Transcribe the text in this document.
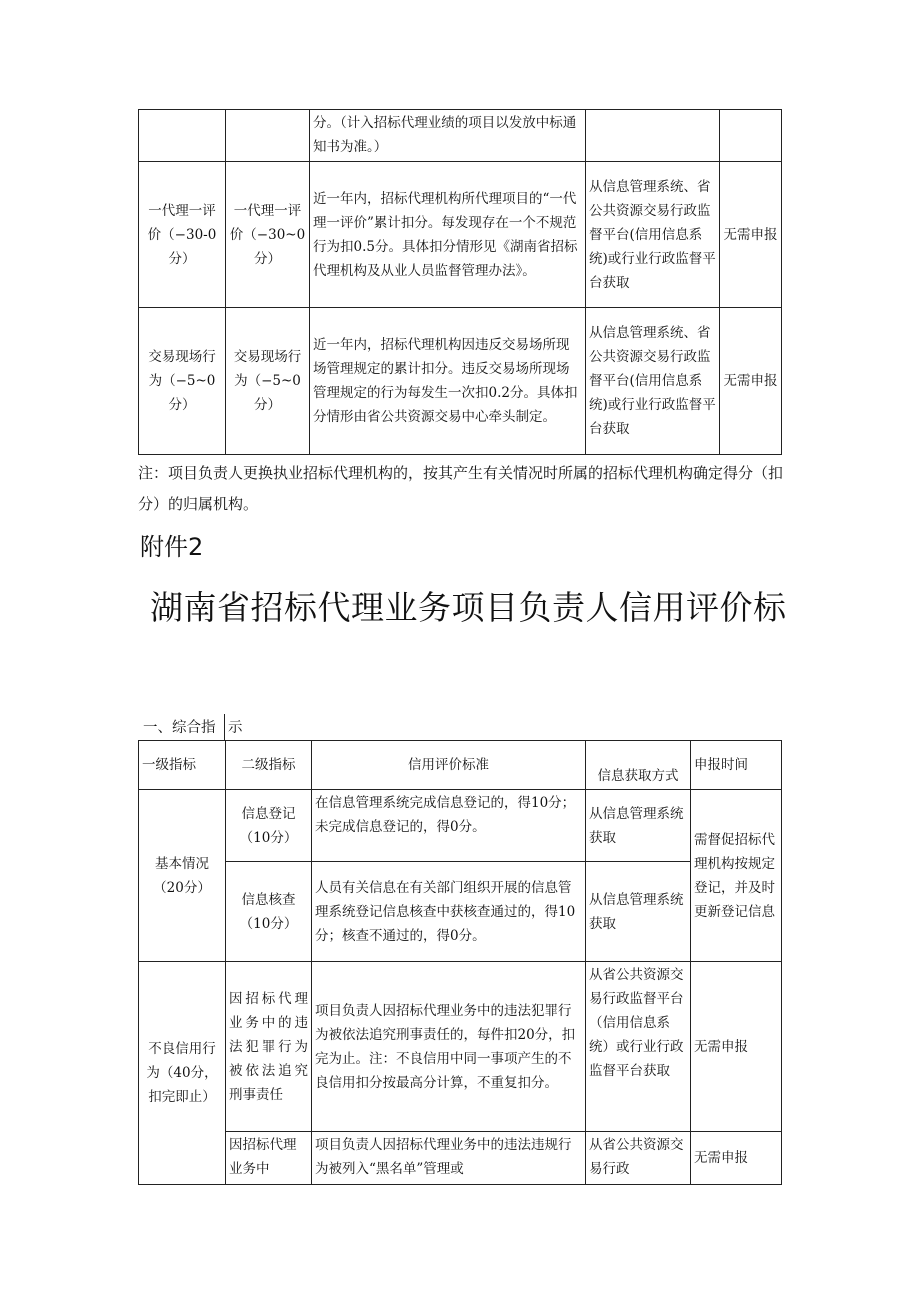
		分。（计入招标代理业绩的项目以发放中标通知书为准。）		
一代理一评价（−30-0分）	一代理一评价（−30~0分）	近一年内，招标代理机构所代理项目的“一代理一评价”累计扣分。每发现存在一个不规范行为扣0.5分。具体扣分情形见《湖南省招标代理机构及从业人员监督管理办法》。	从信息管理系统、省公共资源交易行政监督平台(信用信息系统)或行业行政监督平台获取	无需申报
交易现场行为（−5~0分）	交易现场行为（−5~0分）	近一年内，招标代理机构因违反交易场所现场管理规定的累计扣分。违反交易场所现场管理规定的行为每发生一次扣0.2分。具体扣分情形由省公共资源交易中心牵头制定。	从信息管理系统、省公共资源交易行政监督平台(信用信息系统)或行业行政监督平台获取	无需申报
注：项目负责人更换执业招标代理机构的，按其产生有关情况时所属的招标代理机构确定得分（扣分）的归属机构。
附件2
湖南省招标代理业务项目负责人信用评价标
一、综合指 示
一级指标	二级指标	信用评价标准	信息获取方式	申报时间
基本情况（20分）	信息登记（10分）	在信息管理系统完成信息登记的，得10分；未完成信息登记的，得0分。	从信息管理系统获取	需督促招标代理机构按规定登记，并及时更新登记信息
	信息核查（10分）	人员有关信息在有关部门组织开展的信息管理系统登记信息核查中获核查通过的，得10分；核查不通过的，得0分。	从信息管理系统获取	
不良信用行为（40分，扣完即止）	因招标代理业务中的违法犯罪行为被依法追究刑事责任	项目负责人因招标代理业务中的违法犯罪行为被依法追究刑事责任的，每件扣20分，扣完为止。注：不良信用中同一事项产生的不良信用扣分按最高分计算，不重复扣分。	从省公共资源交易行政监督平台（信用信息系统）或行业行政监督平台获取	无需申报
	因招标代理业务中	项目负责人因招标代理业务中的违法违规行为被列入“黑名单”管理或	从省公共资源交易行政	无需申报
